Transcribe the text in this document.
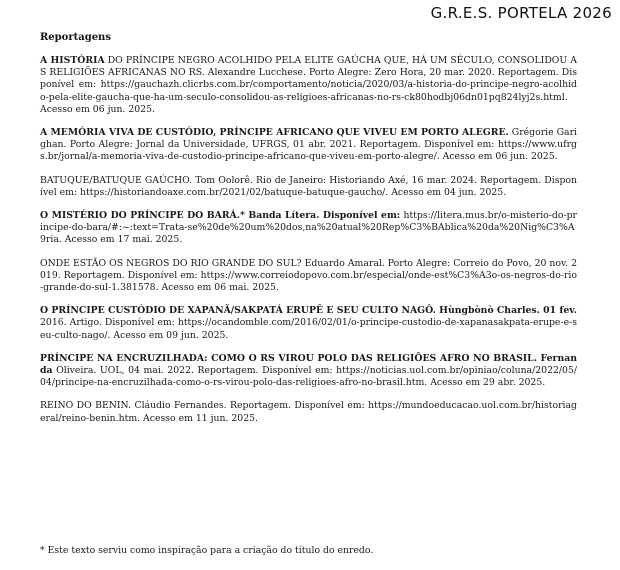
G.R.E.S. PORTELA 2026
Reportagens

A HISTÓRIA DO PRÍNCIPE NEGRO ACOLHIDO PELA ELITE GAÚCHA QUE, HÁ UM SÉCULO, CONSOLIDOU AS RELIGIÕES AFRICANAS NO RS. Alexandre Lucchese. Porto Alegre: Zero Hora, 20 mar. 2020. Reportagem. Disponível em: https://gauchazh.clicrbs.com.br/comportamento/noticia/2020/03/a-historia-do-principe-negro-acolhido-pela-elite-gaucha-que-ha-um-seculo-consolidou-as-religioes-africanas-no-rs-ck80hodbj06dn01pq824lyj2s.html. Acesso em 06 jun. 2025.

A MEMÓRIA VIVA DE CUSTÓDIO, PRÍNCIPE AFRICANO QUE VIVEU EM PORTO ALEGRE. Grégorie Garighan. Porto Alegre: Jornal da Universidade, UFRGS, 01 abr. 2021. Reportagem. Disponível em: https://www.ufrgs.br/jornal/a-memoria-viva-de-custodio-principe-africano-que-viveu-em-porto-alegre/. Acesso em 06 jun. 2025.

BATUQUE/BATUQUE GAÚCHO. Tom Oolorê. Rio de Janeiro: Historiando Axé, 16 mar. 2024. Reportagem. Disponível em: https://historiandoaxe.com.br/2021/02/batuque-batuque-gaucho/. Acesso em 04 jun. 2025.

O MISTÉRIO DO PRÍNCIPE DO BARÁ.* Banda Lítera. Disponível em: https://litera.mus.br/o-misterio-do-principe-do-bara/#:~:text=Trata-se%20de%20um%20dos,na%20atual%20Rep%C3%BAblica%20da%20Nig%C3%A9ria. Acesso em 17 mai. 2025.

ONDE ESTÃO OS NEGROS DO RIO GRANDE DO SUL? Eduardo Amaral. Porto Alegre: Correio do Povo, 20 nov. 2019. Reportagem. Disponível em: https://www.correiodopovo.com.br/especial/onde-est%C3%A3o-os-negros-do-rio-grande-do-sul-1.381578. Acesso em 06 mai. 2025.

O PRÍNCIPE CUSTÓDIO DE XAPANÃ/SAKPATÁ ERUPÊ E SEU CULTO NAGÔ. Hùngbònò Charles. 01 fev. 2016. Artigo. Disponível em: https://ocandomble.com/2016/02/01/o-principe-custodio-de-xapanasakpata-erupe-e-seu-culto-nago/. Acesso em 09 jun. 2025.

PRÍNCIPE NA ENCRUZILHADA: COMO O RS VIROU POLO DAS RELIGIÕES AFRO NO BRASIL. Fernanda Oliveira. UOL, 04 mai. 2022. Reportagem. Disponível em: https://noticias.uol.com.br/opiniao/coluna/2022/05/04/principe-na-encruzilhada-como-o-rs-virou-polo-das-religioes-afro-no-brasil.htm. Acesso em 29 abr. 2025.

REINO DO BENIN. Cláudio Fernandes. Reportagem. Disponível em: https://mundoeducacao.uol.com.br/historiageral/reino-benin.htm. Acesso em 11 jun. 2025.

* Este texto serviu como inspiração para a criação do título do enredo.
